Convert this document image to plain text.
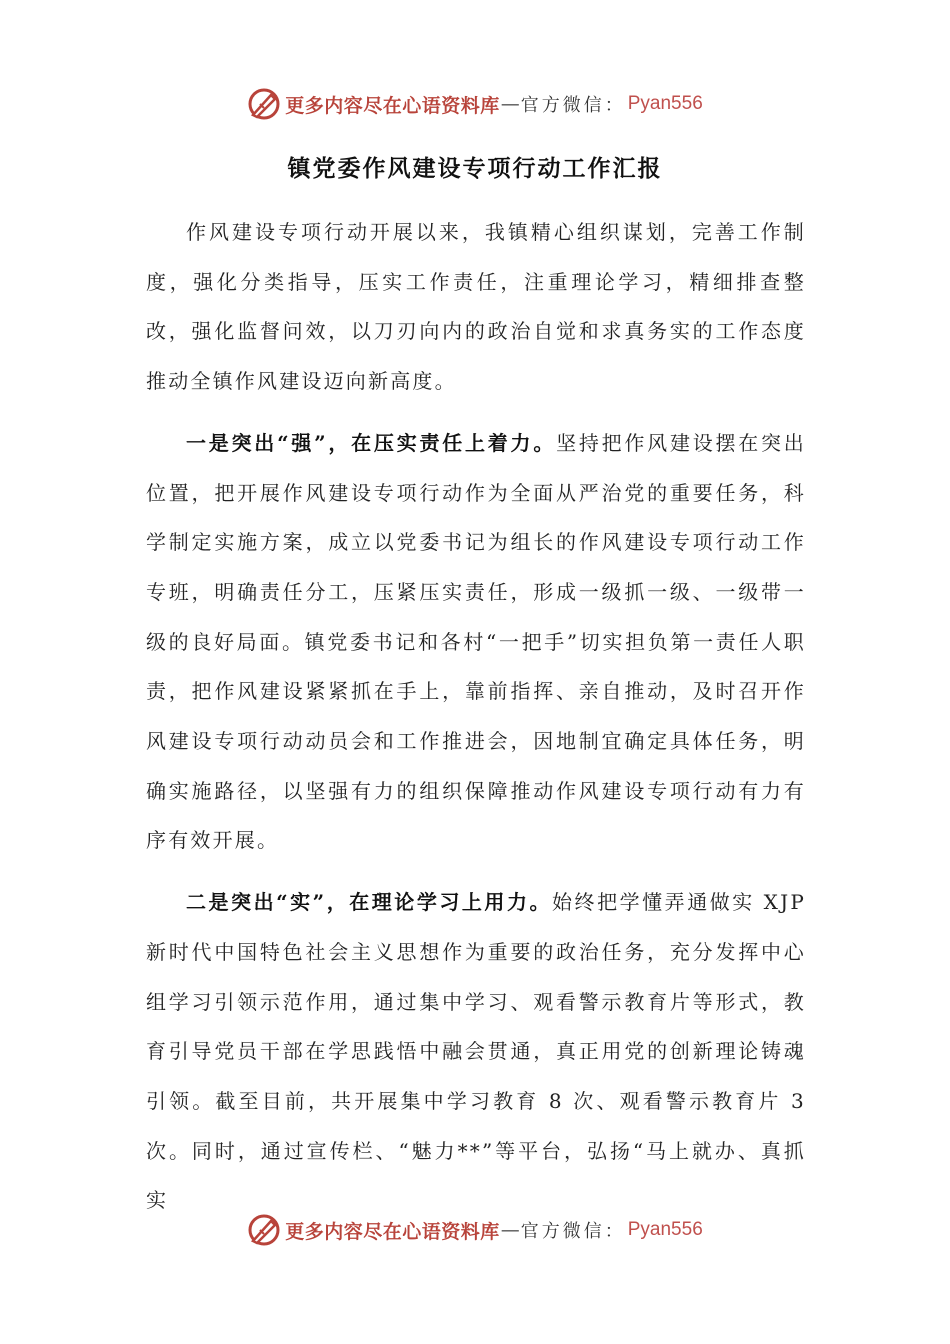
更多内容尽在心语资料库 — 官方微信： Pyan556
镇党委作风建设专项行动工作汇报

作风建设专项行动开展以来，我镇精心组织谋划，完善工作制度，强化分类指导，压实工作责任，注重理论学习，精细排查整改，强化监督问效，以刀刃向内的政治自觉和求真务实的工作态度推动全镇作风建设迈向新高度。

一是突出“强”，在压实责任上着力。坚持把作风建设摆在突出位置，把开展作风建设专项行动作为全面从严治党的重要任务，科学制定实施方案，成立以党委书记为组长的作风建设专项行动工作专班，明确责任分工，压紧压实责任，形成一级抓一级、一级带一级的良好局面。镇党委书记和各村“一把手”切实担负第一责任人职责，把作风建设紧紧抓在手上，靠前指挥、亲自推动，及时召开作风建设专项行动动员会和工作推进会，因地制宜确定具体任务，明确实施路径，以坚强有力的组织保障推动作风建设专项行动有力有序有效开展。

二是突出“实”，在理论学习上用力。始终把学懂弄通做实 XJP 新时代中国特色社会主义思想作为重要的政治任务，充分发挥中心组学习引领示范作用，通过集中学习、观看警示教育片等形式，教育引导党员干部在学思践悟中融会贯通，真正用党的创新理论铸魂引领。截至目前，共开展集中学习教育 8 次、观看警示教育片 3 次。同时，通过宣传栏、“魅力**”等平台，弘扬“马上就办、真抓实

更多内容尽在心语资料库 — 官方微信： Pyan556
